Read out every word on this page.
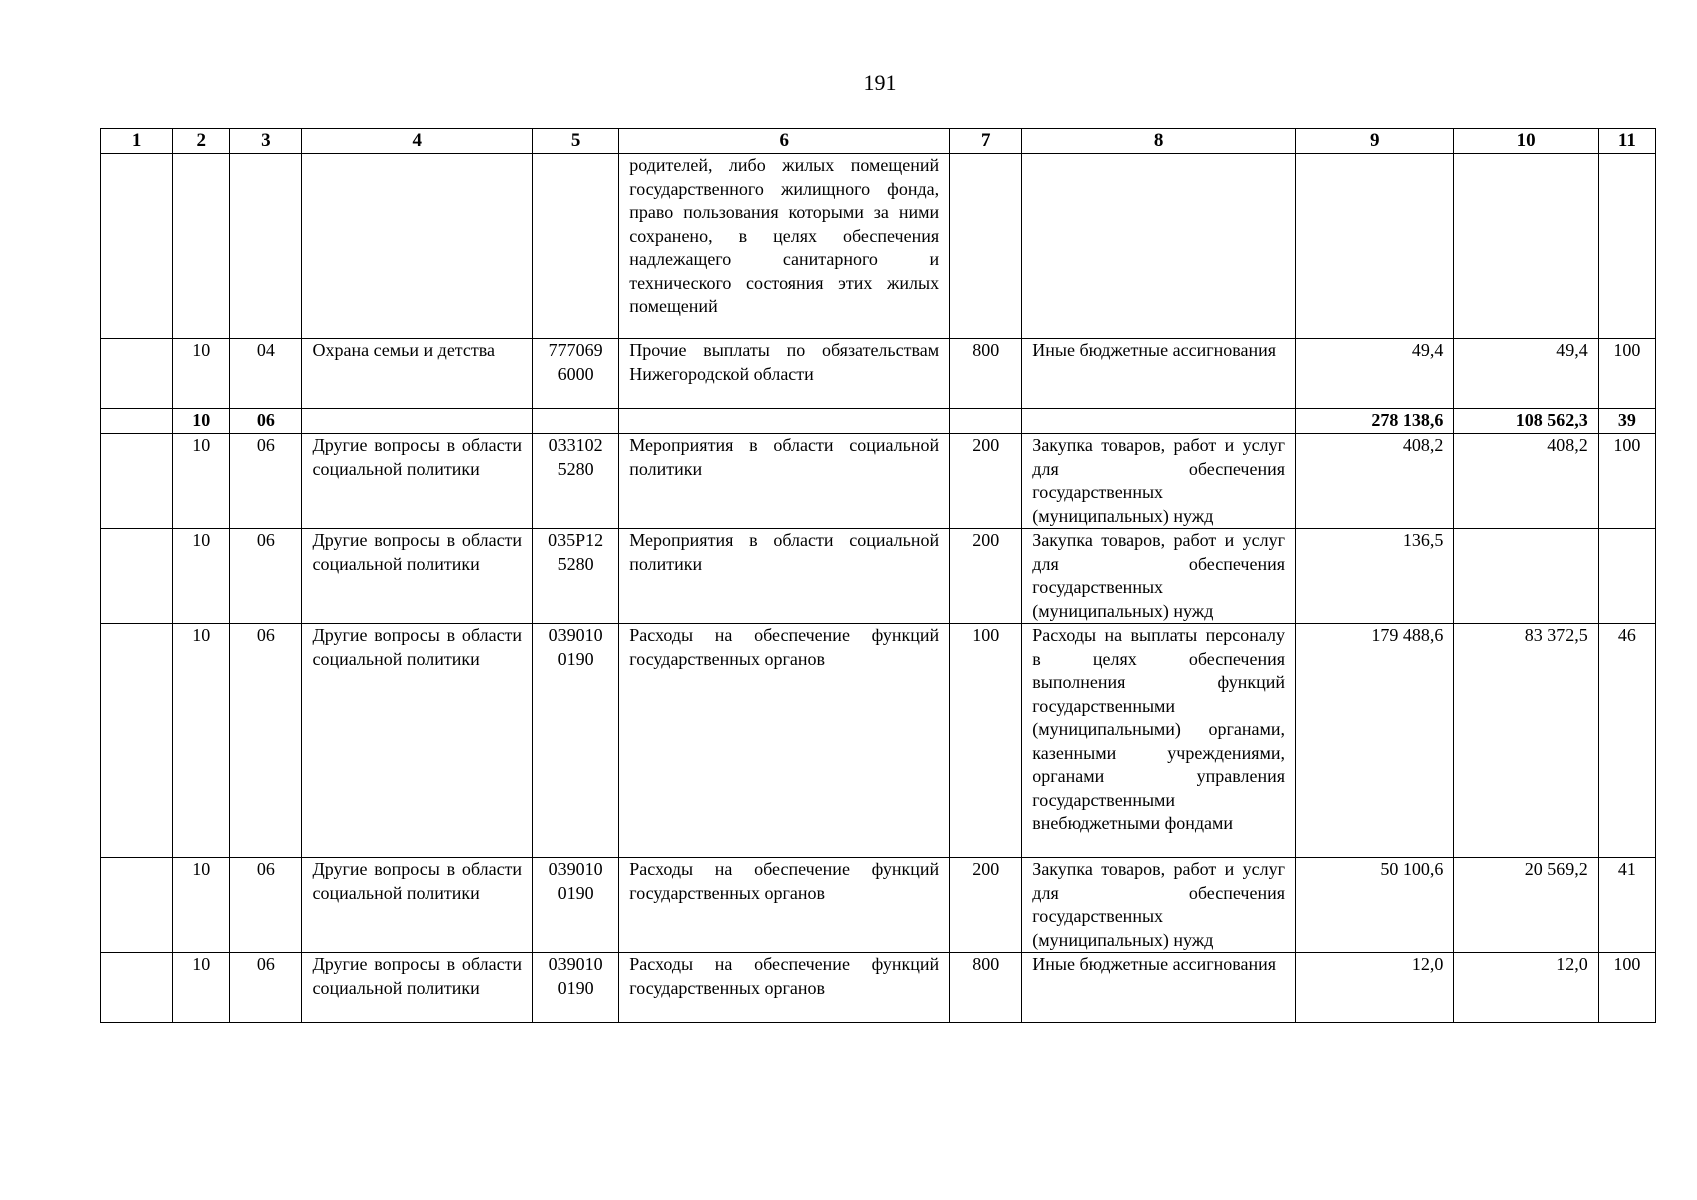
191
1	2	3	4	5	6	7	8	9	10	11
					родителей, либо жилых помещений государственного жилищного фонда, право пользования которыми за ними сохранено, в целях обеспечения надлежащего санитарного и технического состояния этих жилых помещений					
	10	04	Охрана семьи и детства	777069 6000	Прочие выплаты по обязательствам Нижегородской области	800	Иные бюджетные ассигнования	49,4	49,4	100
	10	06						278 138,6	108 562,3	39
	10	06	Другие вопросы в области социальной политики	033102 5280	Мероприятия в области социальной политики	200	Закупка товаров, работ и услуг для обеспечения государственных (муниципальных) нужд	408,2	408,2	100
	10	06	Другие вопросы в области социальной политики	035Р12 5280	Мероприятия в области социальной политики	200	Закупка товаров, работ и услуг для обеспечения государственных (муниципальных) нужд	136,5		
	10	06	Другие вопросы в области социальной политики	039010 0190	Расходы на обеспечение функций государственных органов	100	Расходы на выплаты персоналу в целях обеспечения выполнения функций государственными (муниципальными) органами, казенными учреждениями, органами управления государственными внебюджетными фондами	179 488,6	83 372,5	46
	10	06	Другие вопросы в области социальной политики	039010 0190	Расходы на обеспечение функций государственных органов	200	Закупка товаров, работ и услуг для обеспечения государственных (муниципальных) нужд	50 100,6	20 569,2	41
	10	06	Другие вопросы в области социальной политики	039010 0190	Расходы на обеспечение функций государственных органов	800	Иные бюджетные ассигнования	12,0	12,0	100
